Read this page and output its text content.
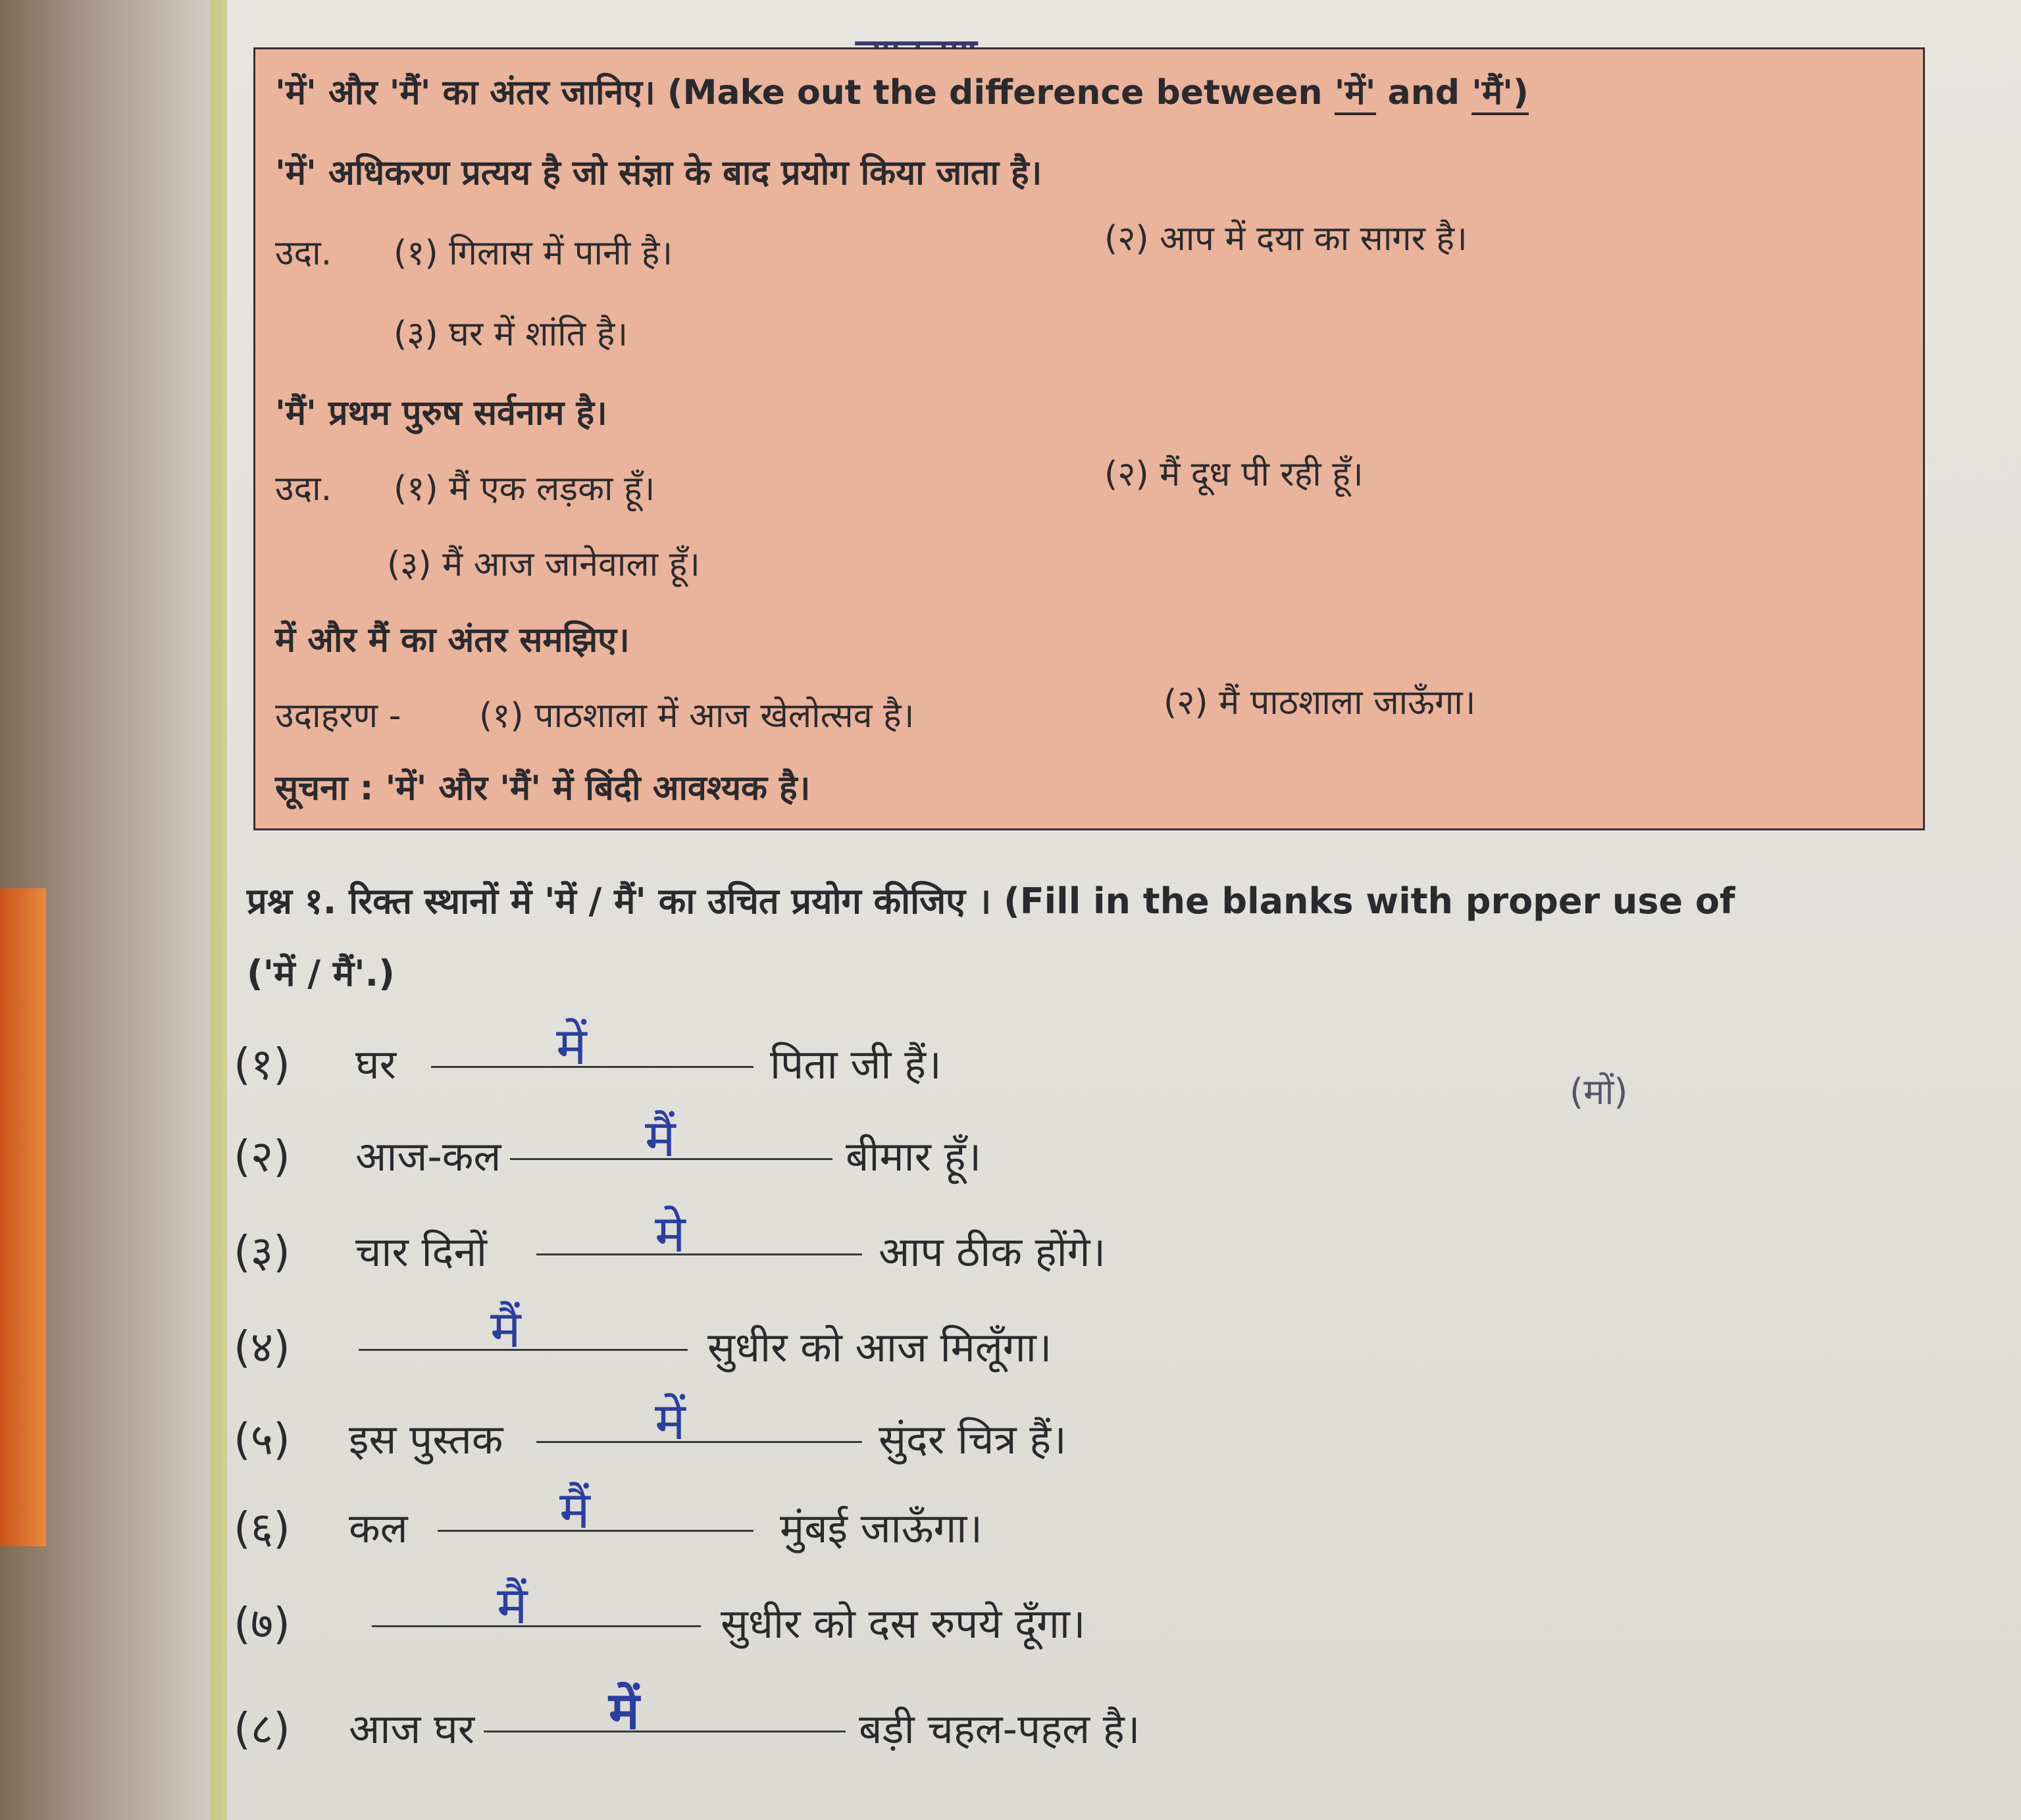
'में' और 'मैं' का अंतर जानिए। (Make out the difference between 'में' and 'मैं')
'में' अधिकरण प्रत्यय है जो संज्ञा के बाद प्रयोग किया जाता है।
उदा. (१) गिलास में पानी है।	(२) आप में दया का सागर है।
(३) घर में शांति है।
'मैं' प्रथम पुरुष सर्वनाम है।
उदा. (१) मैं एक लड़का हूँ।	(२) मैं दूध पी रही हूँ।
(३) मैं आज जानेवाला हूँ।
में और मैं का अंतर समझिए।
उदाहरण - (१) पाठशाला में आज खेलोत्सव है।	(२) मैं पाठशाला जाऊँगा।
सूचना : 'में' और 'मैं' में बिंदी आवश्यक है।
प्रश्न १. रिक्त स्थानों में 'में / मैं' का उचित प्रयोग कीजिए । (Fill in the blanks with proper use of
('में / मैं'.)
(मों)
(१) घर	में	पिता जी हैं।
(२) आज-कल	मैं	बीमार हूँ।
(३) चार दिनों	मे	आप ठीक होंगे।
(४)	मैं	सुधीर को आज मिलूँगा।
(५) इस पुस्तक	में	सुंदर चित्र हैं।
(६) कल	मैं	मुंबई जाऊँगा।
(७)	मैं	सुधीर को दस रुपये दूँगा।
(८) आज घर	में	बड़ी चहल-पहल है।
